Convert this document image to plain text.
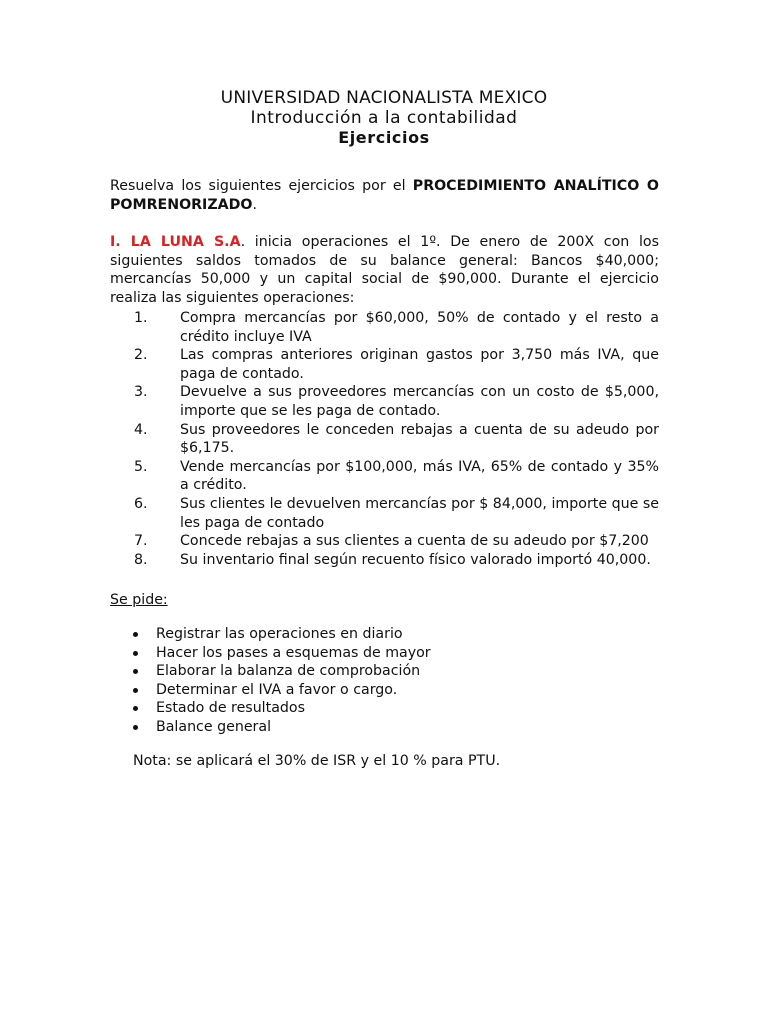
UNIVERSIDAD NACIONALISTA MEXICO
Introducción a la contabilidad
Ejercicios
Resuelva los siguientes ejercicios por el PROCEDIMIENTO ANALÍTICO O POMRENORIZADO.
I. LA LUNA S.A. inicia operaciones el 1º. De enero de 200X con los siguientes saldos tomados de su balance general: Bancos $40,000; mercancías 50,000 y un capital social de $90,000. Durante el ejercicio realiza las siguientes operaciones:
1. Compra mercancías por $60,000, 50% de contado y el resto a crédito incluye IVA
2. Las compras anteriores originan gastos por 3,750 más IVA, que paga de contado.
3. Devuelve a sus proveedores mercancías con un costo de $5,000, importe que se les paga de contado.
4. Sus proveedores le conceden rebajas a cuenta de su adeudo por $6,175.
5. Vende mercancías por $100,000, más IVA, 65% de contado y 35% a crédito.
6. Sus clientes le devuelven mercancías por $ 84,000, importe que se les paga de contado
7. Concede rebajas a sus clientes a cuenta de su adeudo por $7,200
8. Su inventario final según recuento físico valorado importó 40,000.
Se pide:
Registrar las operaciones en diario
Hacer los pases a esquemas de mayor
Elaborar la balanza de comprobación
Determinar el IVA a favor o cargo.
Estado de resultados
Balance general
Nota: se aplicará el 30% de ISR y el 10 % para PTU.
